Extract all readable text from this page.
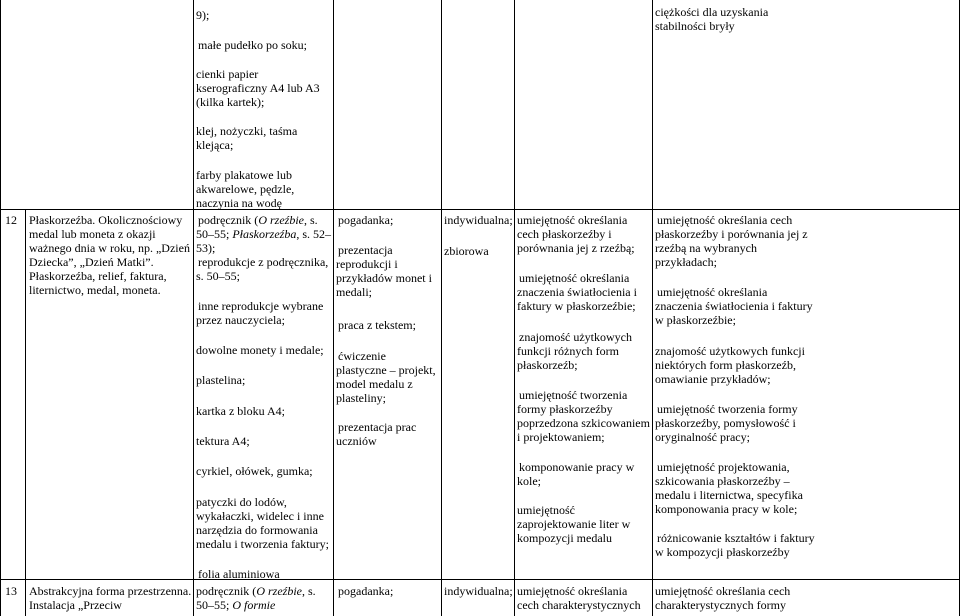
9);
małe pudełko po soku;
cienki papier
kserograficzny A4 lub A3
(kilka kartek);
klej, nożyczki, taśma
klejąca;
farby plakatowe lub
akwarelowe, pędzle,
naczynia na wodę
ciężkości dla uzyskania
stabilności bryły
12 Płaskorzeźba. Okolicznościowy
medal lub moneta z okazji
ważnego dnia w roku, np. „Dzień
Dziecka”, „Dzień Matki”.
Płaskorzeźba, relief, faktura,
liternictwo, medal, moneta.
podręcznik (O rzeźbie, s.
50–55; Płaskorzeźba, s. 52–
53);
reprodukcje z podręcznika,
s. 50–55;
inne reprodukcje wybrane
przez nauczyciela;
dowolne monety i medale;
plastelina;
kartka z bloku A4;
tektura A4;
cyrkiel, ołówek, gumka;
patyczki do lodów,
wykałaczki, widelec i inne
narzędzia do formowania
medalu i tworzenia faktury;
folia aluminiowa
pogadanka;
prezentacja
reprodukcji i
przykładów monet i
medali;
praca z tekstem;
ćwiczenie
plastyczne – projekt,
model medalu z
plasteliny;
prezentacja prac
uczniów
indywidualna;
zbiorowa
umiejętność określania
cech płaskorzeźby i
porównania jej z rzeźbą;
umiejętność określania
znaczenia światłocienia i
faktury w płaskorzeźbie;
znajomość użytkowych
funkcji różnych form
płaskorzeźb;
umiejętność tworzenia
formy płaskorzeźby
poprzedzona szkicowaniem
i projektowaniem;
komponowanie pracy w
kole;
umiejętność
zaprojektowanie liter w
kompozycji medalu
umiejętność określania cech
płaskorzeźby i porównania jej z
rzeźbą na wybranych
przykładach;
umiejętność określania
znaczenia światłocienia i faktury
w płaskorzeźbie;
znajomość użytkowych funkcji
niektórych form płaskorzeźb,
omawianie przykładów;
umiejętność tworzenia formy
płaskorzeźby, pomysłowość i
oryginalność pracy;
umiejętność projektowania,
szkicowania płaskorzeźby –
medalu i liternictwa, specyfika
komponowania pracy w kole;
różnicowanie kształtów i faktury
w kompozycji płaskorzeźby
13 Abstrakcyjna forma przestrzenna.
Instalacja „Przeciw
podręcznik (O rzeźbie, s.
50–55; O formie
pogadanka;	indywidualna; umiejętność określania
cech charakterystycznych
umiejętność określania cech
charakterystycznych formy
